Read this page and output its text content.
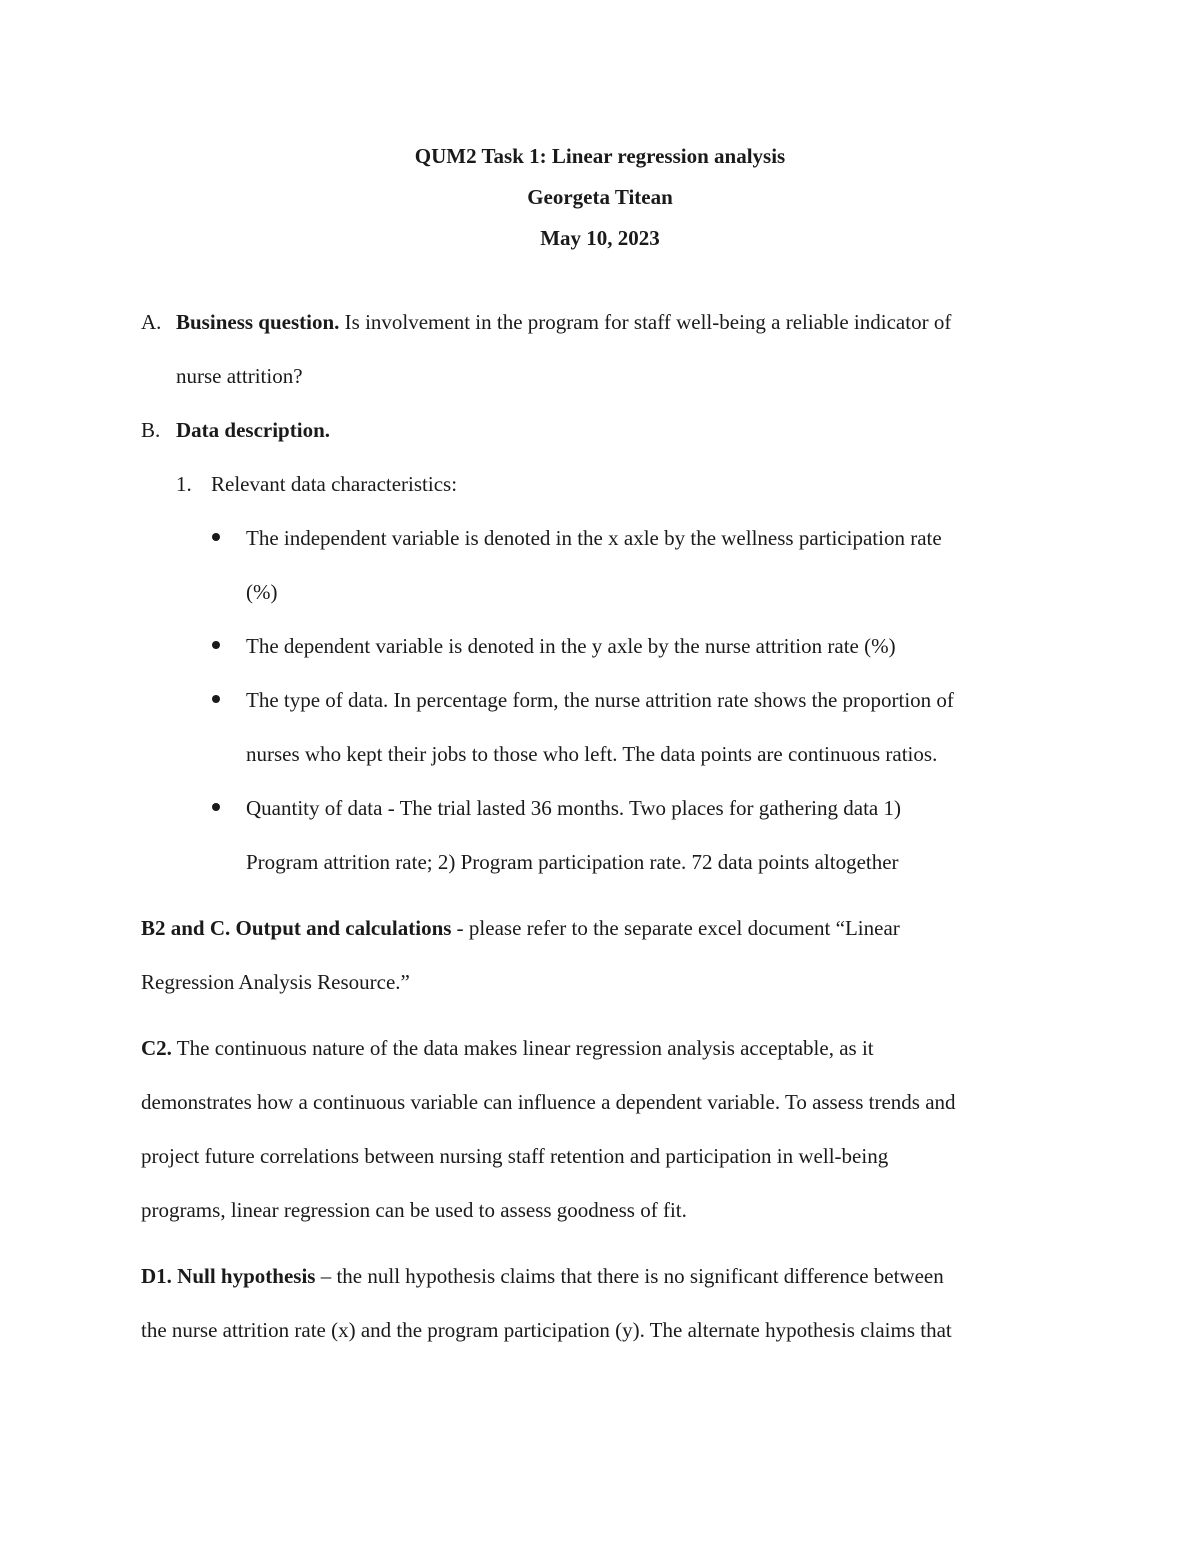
QUM2 Task 1: Linear regression analysis
Georgeta Titean
May 10, 2023
A. Business question. Is involvement in the program for staff well-being a reliable indicator of
nurse attrition?
B. Data description.
1. Relevant data characteristics:
The independent variable is denoted in the x axle by the wellness participation rate
(%)
The dependent variable is denoted in the y axle by the nurse attrition rate (%)
The type of data. In percentage form, the nurse attrition rate shows the proportion of
nurses who kept their jobs to those who left. The data points are continuous ratios.
Quantity of data - The trial lasted 36 months. Two places for gathering data 1)
Program attrition rate; 2) Program participation rate. 72 data points altogether
B2 and C. Output and calculations - please refer to the separate excel document “Linear
Regression Analysis Resource.”
C2. The continuous nature of the data makes linear regression analysis acceptable, as it
demonstrates how a continuous variable can influence a dependent variable. To assess trends and
project future correlations between nursing staff retention and participation in well-being
programs, linear regression can be used to assess goodness of fit.
D1. Null hypothesis – the null hypothesis claims that there is no significant difference between
the nurse attrition rate (x) and the program participation (y). The alternate hypothesis claims that
